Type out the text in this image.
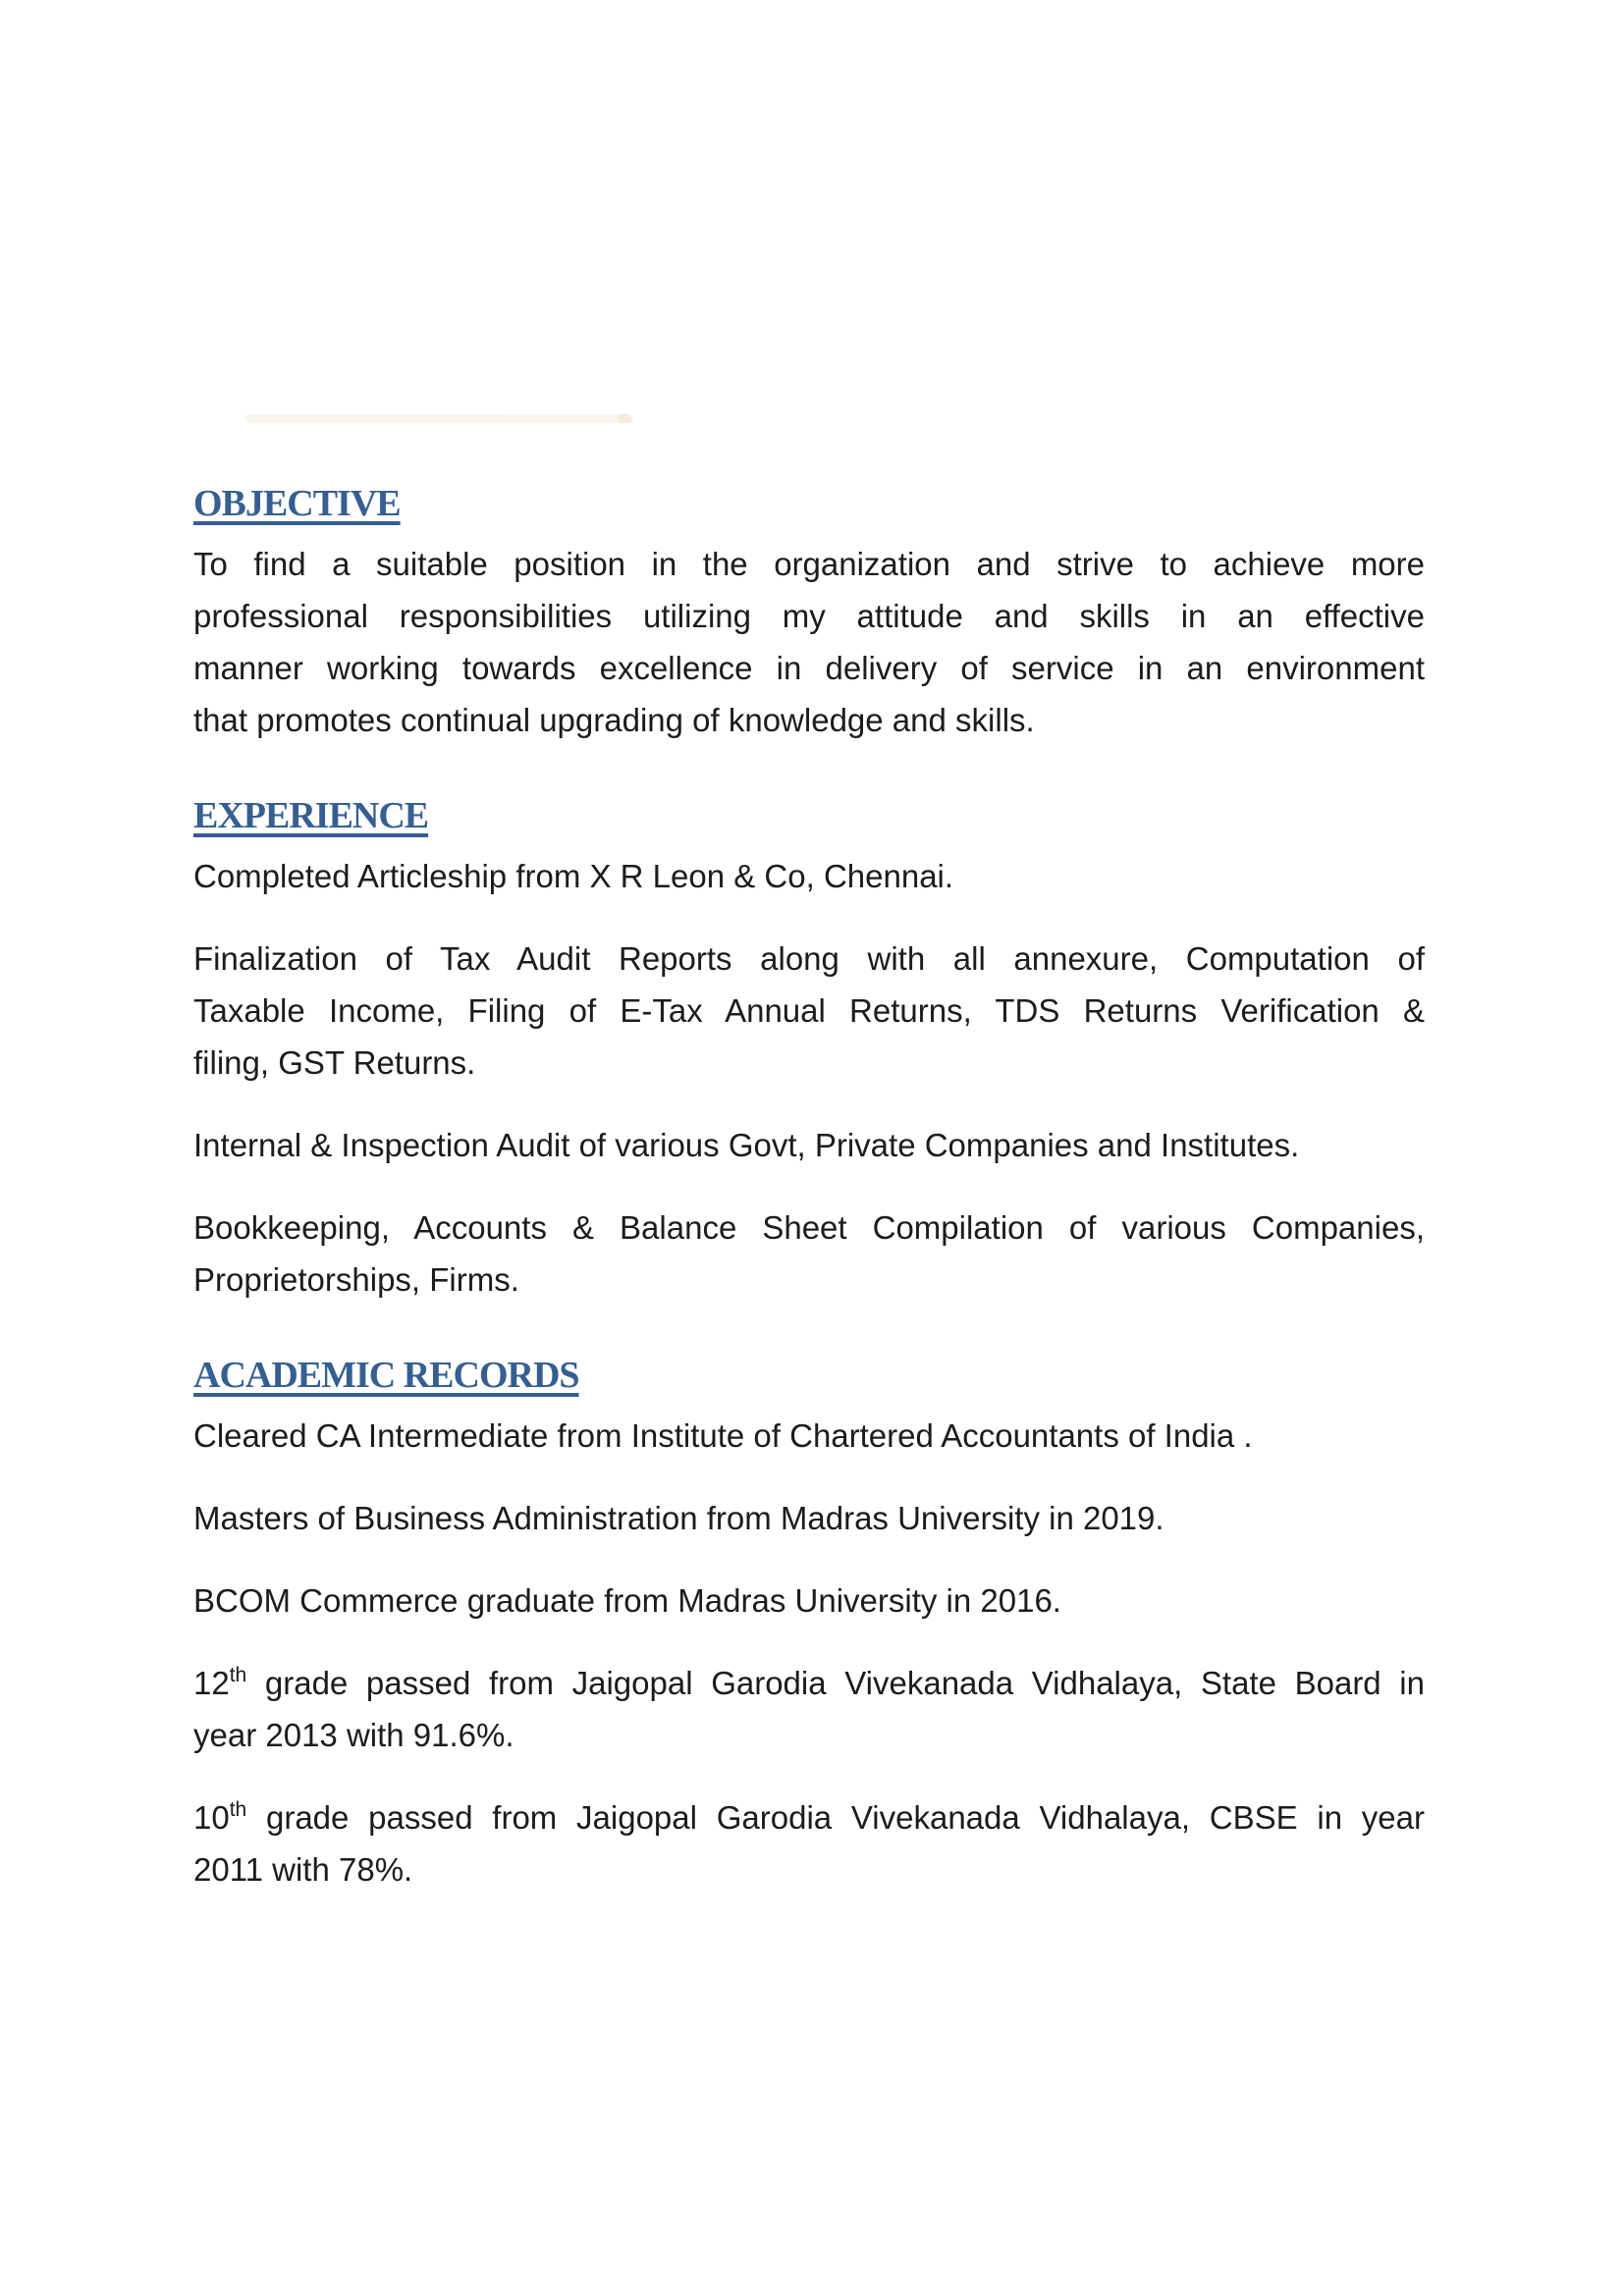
OBJECTIVE
To find a suitable position in the organization and strive to achieve more
professional responsibilities utilizing my attitude and skills in an effective
manner working towards excellence in delivery of service in an environment
that promotes continual upgrading of knowledge and skills.
EXPERIENCE
Completed Articleship from X R Leon & Co, Chennai.
Finalization of Tax Audit Reports along with all annexure, Computation of
Taxable Income, Filing of E-Tax Annual Returns, TDS Returns Verification &
filing, GST Returns.
Internal & Inspection Audit of various Govt, Private Companies and Institutes.
Bookkeeping, Accounts & Balance Sheet Compilation of various Companies,
Proprietorships, Firms.
ACADEMIC RECORDS
Cleared CA Intermediate from Institute of Chartered Accountants of India .
Masters of Business Administration from Madras University in 2019.
BCOM Commerce graduate from Madras University in 2016.
12th grade passed from Jaigopal Garodia Vivekanada Vidhalaya, State Board in
year 2013 with 91.6%.
10th grade passed from Jaigopal Garodia Vivekanada Vidhalaya, CBSE in year
2011 with 78%.
